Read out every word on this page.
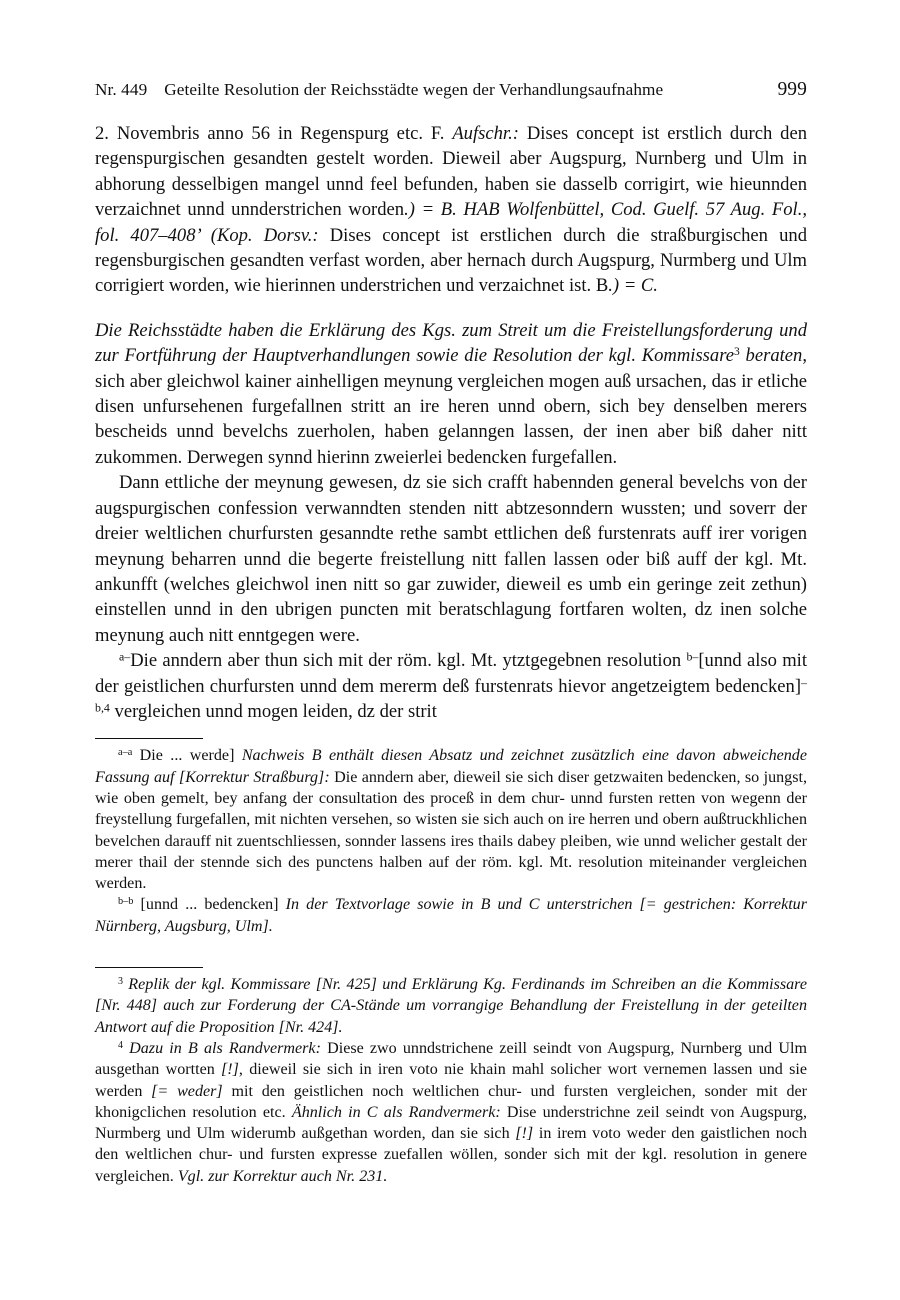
Nr. 449 Geteilte Resolution der Reichsstädte wegen der Verhandlungsaufnahme	999
2. Novembris anno 56 in Regenspurg etc. F. Aufschr.: Dises concept ist erstlich durch den regenspurgischen gesandten gestelt worden. Dieweil aber Augspurg, Nurnberg und Ulm in abhorung desselbigen mangel unnd feel befunden, haben sie dasselb corrigirt, wie hieunnden verzaichnet unnd unnderstrichen worden.) = B. HAB Wolfenbüttel, Cod. Guelf. 57 Aug. Fol., fol. 407–408’ (Kop. Dorsv.: Dises concept ist erstlichen durch die straßburgischen und regensburgischen gesandten verfast worden, aber hernach durch Augspurg, Nurmberg und Ulm corrigiert worden, wie hierinnen understrichen und verzaichnet ist. B.) = C.
Die Reichsstädte haben die Erklärung des Kgs. zum Streit um die Freistellungsforderung und zur Fortführung der Hauptverhandlungen sowie die Resolution der kgl. Kommissare$^3$ beraten, sich aber gleichwol kainer ainhelligen meynung vergleichen mogen auß ursachen, das ir etliche disen unfursehenen furgefallnen stritt an ire heren unnd obern, sich bey denselben merers bescheids unnd bevelchs zuerholen, haben gelanngen lassen, der inen aber biß daher nitt zukommen. Derwegen synnd hierinn zweierlei bedencken furgefallen.
Dann ettliche der meynung gewesen, dz sie sich crafft habennden general bevelchs von der augspurgischen confession verwanndten stenden nitt abtzesonndern wussten; und soverr der dreier weltlichen churfursten gesanndte rethe sambt ettlichen deß furstenrats auff irer vorigen meynung beharren unnd die begerte freistellung nitt fallen lassen oder biß auff der kgl. Mt. ankunfft (welches gleichwol inen nitt so gar zuwider, dieweil es umb ein geringe zeit zethun) einstellen unnd in den ubrigen puncten mit beratschlagung fortfaren wolten, dz inen solche meynung auch nitt enntgegen were.
$^{a-}$Die anndern aber thun sich mit der röm. kgl. Mt. ytztgegebnen resolution $^{b-}$[unnd also mit der geistlichen churfursten unnd dem mererm deß furstenrats hievor angetzeigtem bedencken]$^{-b,4}$ vergleichen unnd mogen leiden, dz der strit

$^{a-a}$ Die ... werde] Nachweis B enthält diesen Absatz und zeichnet zusätzlich eine davon abweichende Fassung auf [Korrektur Straßburg]: Die anndern aber, dieweil sie sich diser getzwaiten bedencken, so jungst, wie oben gemelt, bey anfang der consultation des proceß in dem chur- unnd fursten retten von wegenn der freystellung furgefallen, mit nichten versehen, so wisten sie sich auch on ire herren und obern außtruckhlichen bevelchen darauff nit zuentschliessen, sonnder lassens ires thails dabey pleiben, wie unnd welicher gestalt der merer thail der stennde sich des punctens halben auf der röm. kgl. Mt. resolution miteinander vergleichen werden.

$^{b-b}$ [unnd ... bedencken] In der Textvorlage sowie in B und C unterstrichen [= gestrichen: Korrektur Nürnberg, Augsburg, Ulm].

$^3$ Replik der kgl. Kommissare [Nr. 425] und Erklärung Kg. Ferdinands im Schreiben an die Kommissare [Nr. 448] auch zur Forderung der CA-Stände um vorrangige Behandlung der Freistellung in der geteilten Antwort auf die Proposition [Nr. 424].

$^4$ Dazu in B als Randvermerk: Diese zwo unndstrichene zeill seindt von Augspurg, Nurnberg und Ulm ausgethan wortten [!], dieweil sie sich in iren voto nie khain mahl solicher wort vernemen lassen und sie werden [= weder] mit den geistlichen noch weltlichen chur- und fursten vergleichen, sonder mit der khonigclichen resolution etc. Ähnlich in C als Randvermerk: Dise understrichne zeil seindt von Augspurg, Nurmberg und Ulm widerumb außgethan worden, dan sie sich [!] in irem voto weder den gaistlichen noch den weltlichen chur- und fursten expresse zuefallen wöllen, sonder sich mit der kgl. resolution in genere vergleichen. Vgl. zur Korrektur auch Nr. 231.
